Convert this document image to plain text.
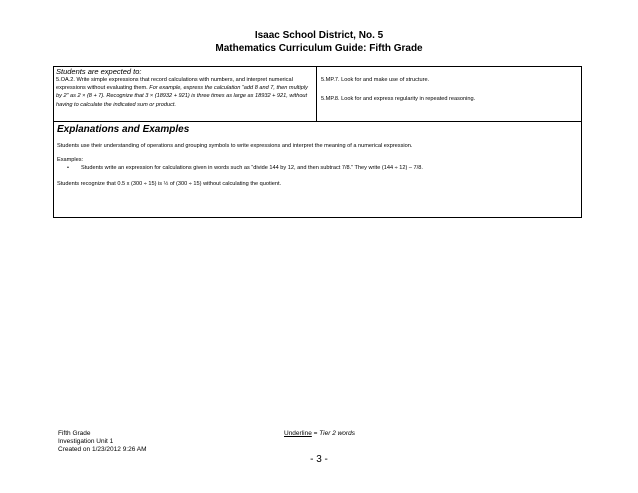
Isaac School District, No. 5
Mathematics Curriculum Guide: Fifth Grade
Students are expected to:
5.OA.2. Write simple expressions that record calculations with numbers, and interpret numerical expressions without evaluating them. For example, express the calculation “add 8 and 7, then multiply by 2” as 2 × (8 + 7). Recognize that 3 × (18932 + 921) is three times as large as 18932 + 921, without having to calculate the indicated sum or product.
5.MP.7. Look for and make use of structure.
5.MP.8. Look for and express regularity in repeated reasoning.
Explanations and Examples
Students use their understanding of operations and grouping symbols to write expressions and interpret the meaning of a numerical expression.
Examples:
•	Students write an expression for calculations given in words such as “divide 144 by 12, and then subtract 7/8.” They write (144 ÷ 12) – 7/8.
Students recognize that 0.5 x (300 ÷ 15) is ½ of (300 ÷ 15) without calculating the quotient.
Fifth Grade
Investigation Unit 1
Created on 1/23/2012 9:26 AM
Underline = Tier 2 words
- 3 -
